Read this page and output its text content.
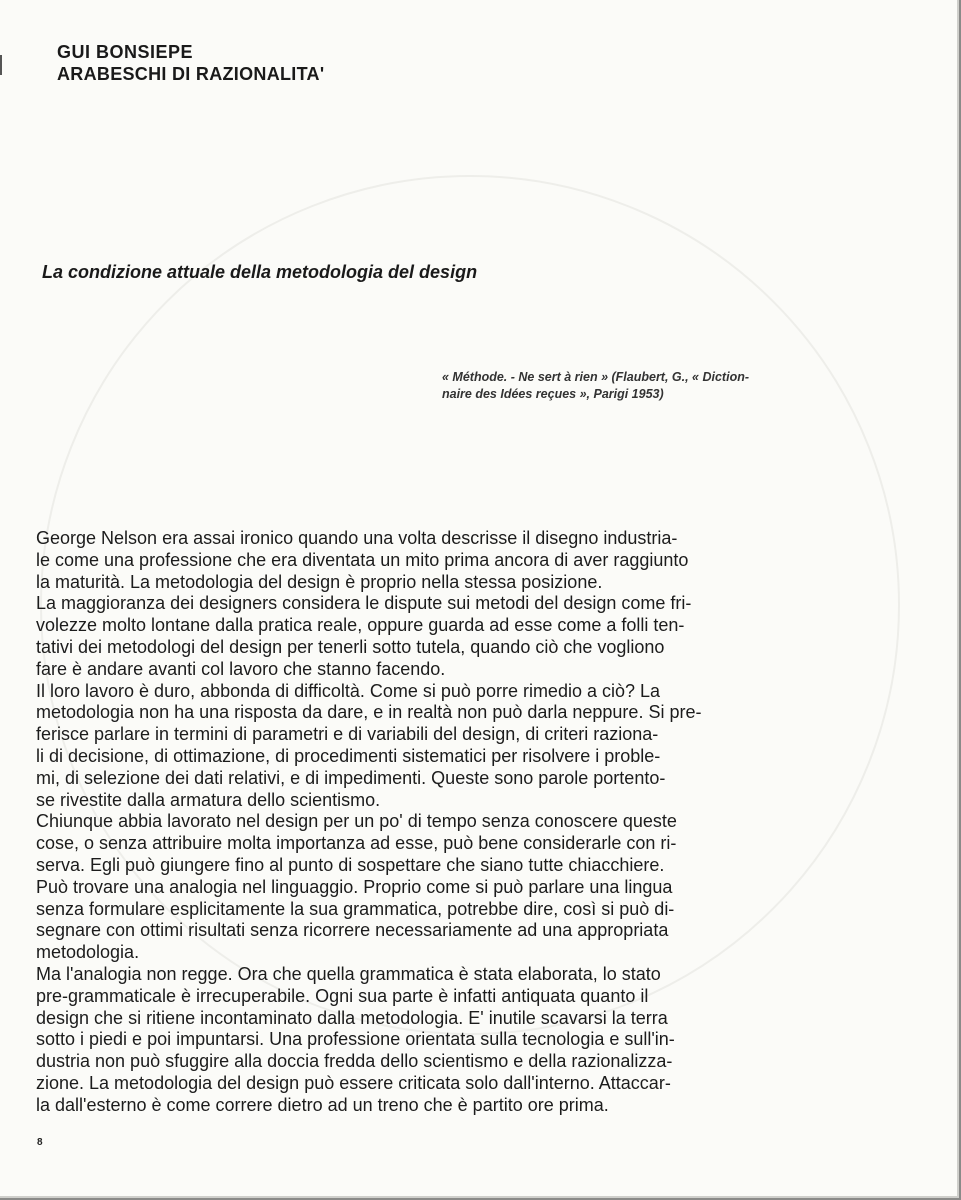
GUI BONSIEPE
ARABESCHI DI RAZIONALITA'
La condizione attuale della metodologia del design
« Méthode. - Ne sert à rien » (Flaubert, G., « Diction-
naire des Idées reçues », Parigi 1953)
George Nelson era assai ironico quando una volta descrisse il disegno industria-
le come una professione che era diventata un mito prima ancora di aver raggiunto
la maturità. La metodologia del design è proprio nella stessa posizione.
La maggioranza dei designers considera le dispute sui metodi del design come fri-
volezze molto lontane dalla pratica reale, oppure guarda ad esse come a folli ten-
tativi dei metodologi del design per tenerli sotto tutela, quando ciò che vogliono
fare è andare avanti col lavoro che stanno facendo.
Il loro lavoro è duro, abbonda di difficoltà. Come si può porre rimedio a ciò? La
metodologia non ha una risposta da dare, e in realtà non può darla neppure. Si pre-
ferisce parlare in termini di parametri e di variabili del design, di criteri raziona-
li di decisione, di ottimazione, di procedimenti sistematici per risolvere i proble-
mi, di selezione dei dati relativi, e di impedimenti. Queste sono parole portento-
se rivestite dalla armatura dello scientismo.
Chiunque abbia lavorato nel design per un po' di tempo senza conoscere queste
cose, o senza attribuire molta importanza ad esse, può bene considerarle con ri-
serva. Egli può giungere fino al punto di sospettare che siano tutte chiacchiere.
Può trovare una analogia nel linguaggio. Proprio come si può parlare una lingua
senza formulare esplicitamente la sua grammatica, potrebbe dire, così si può di-
segnare con ottimi risultati senza ricorrere necessariamente ad una appropriata
metodologia.
Ma l'analogia non regge. Ora che quella grammatica è stata elaborata, lo stato
pre-grammaticale è irrecuperabile. Ogni sua parte è infatti antiquata quanto il
design che si ritiene incontaminato dalla metodologia. E' inutile scavarsi la terra
sotto i piedi e poi impuntarsi. Una professione orientata sulla tecnologia e sull'in-
dustria non può sfuggire alla doccia fredda dello scientismo e della razionalizza-
zione. La metodologia del design può essere criticata solo dall'interno. Attaccar-
la dall'esterno è come correre dietro ad un treno che è partito ore prima.
8
